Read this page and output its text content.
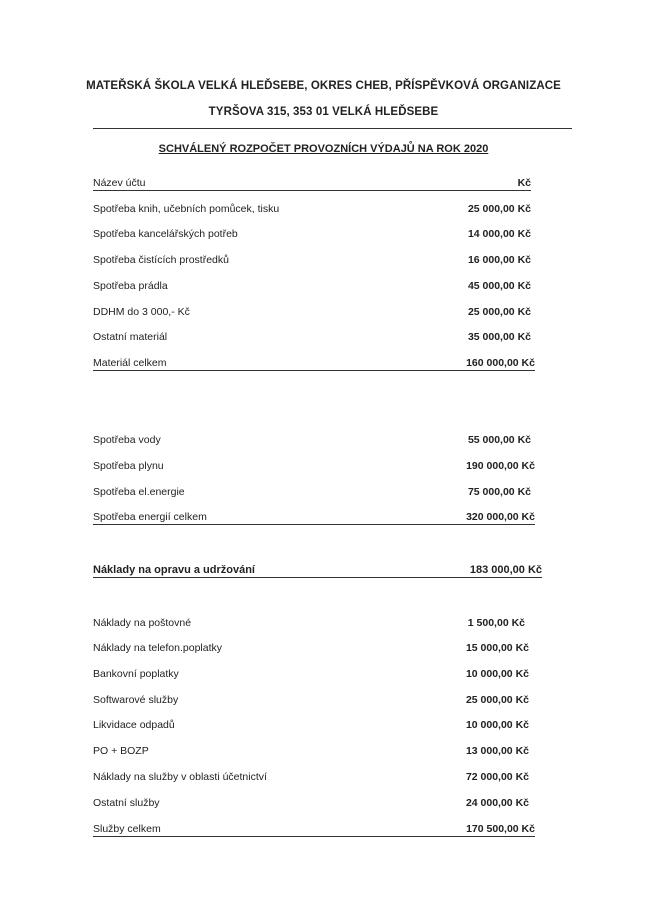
MATEŘSKÁ ŠKOLA VELKÁ HLEĎSEBE, OKRES CHEB, PŘÍSPĚVKOVÁ ORGANIZACE
TYRŠOVA 315, 353 01 VELKÁ HLEĎSEBE
SCHVÁLENÝ ROZPOČET PROVOZNÍCH VÝDAJŮ NA ROK 2020
Název účtu	Kč
Spotřeba knih, učebních pomůcek, tisku	25 000,00 Kč
Spotřeba kancelářských potřeb	14 000,00 Kč
Spotřeba čistících prostředků	16 000,00 Kč
Spotřeba prádla	45 000,00 Kč
DDHM do 3 000,- Kč	25 000,00 Kč
Ostatní materiál	35 000,00 Kč
Materiál celkem	160 000,00 Kč
Spotřeba vody	55 000,00 Kč
Spotřeba plynu	190 000,00 Kč
Spotřeba el.energie	75 000,00 Kč
Spotřeba energií celkem	320 000,00 Kč
Náklady na opravu a udržování	183 000,00 Kč
Náklady na poštovné	1 500,00 Kč
Náklady na telefon.poplatky	15 000,00 Kč
Bankovní poplatky	10 000,00 Kč
Softwarové služby	25 000,00 Kč
Likvidace odpadů	10 000,00 Kč
PO + BOZP	13 000,00 Kč
Náklady na služby v oblasti účetnictví	72 000,00 Kč
Ostatní služby	24 000,00 Kč
Služby celkem	170 500,00 Kč
